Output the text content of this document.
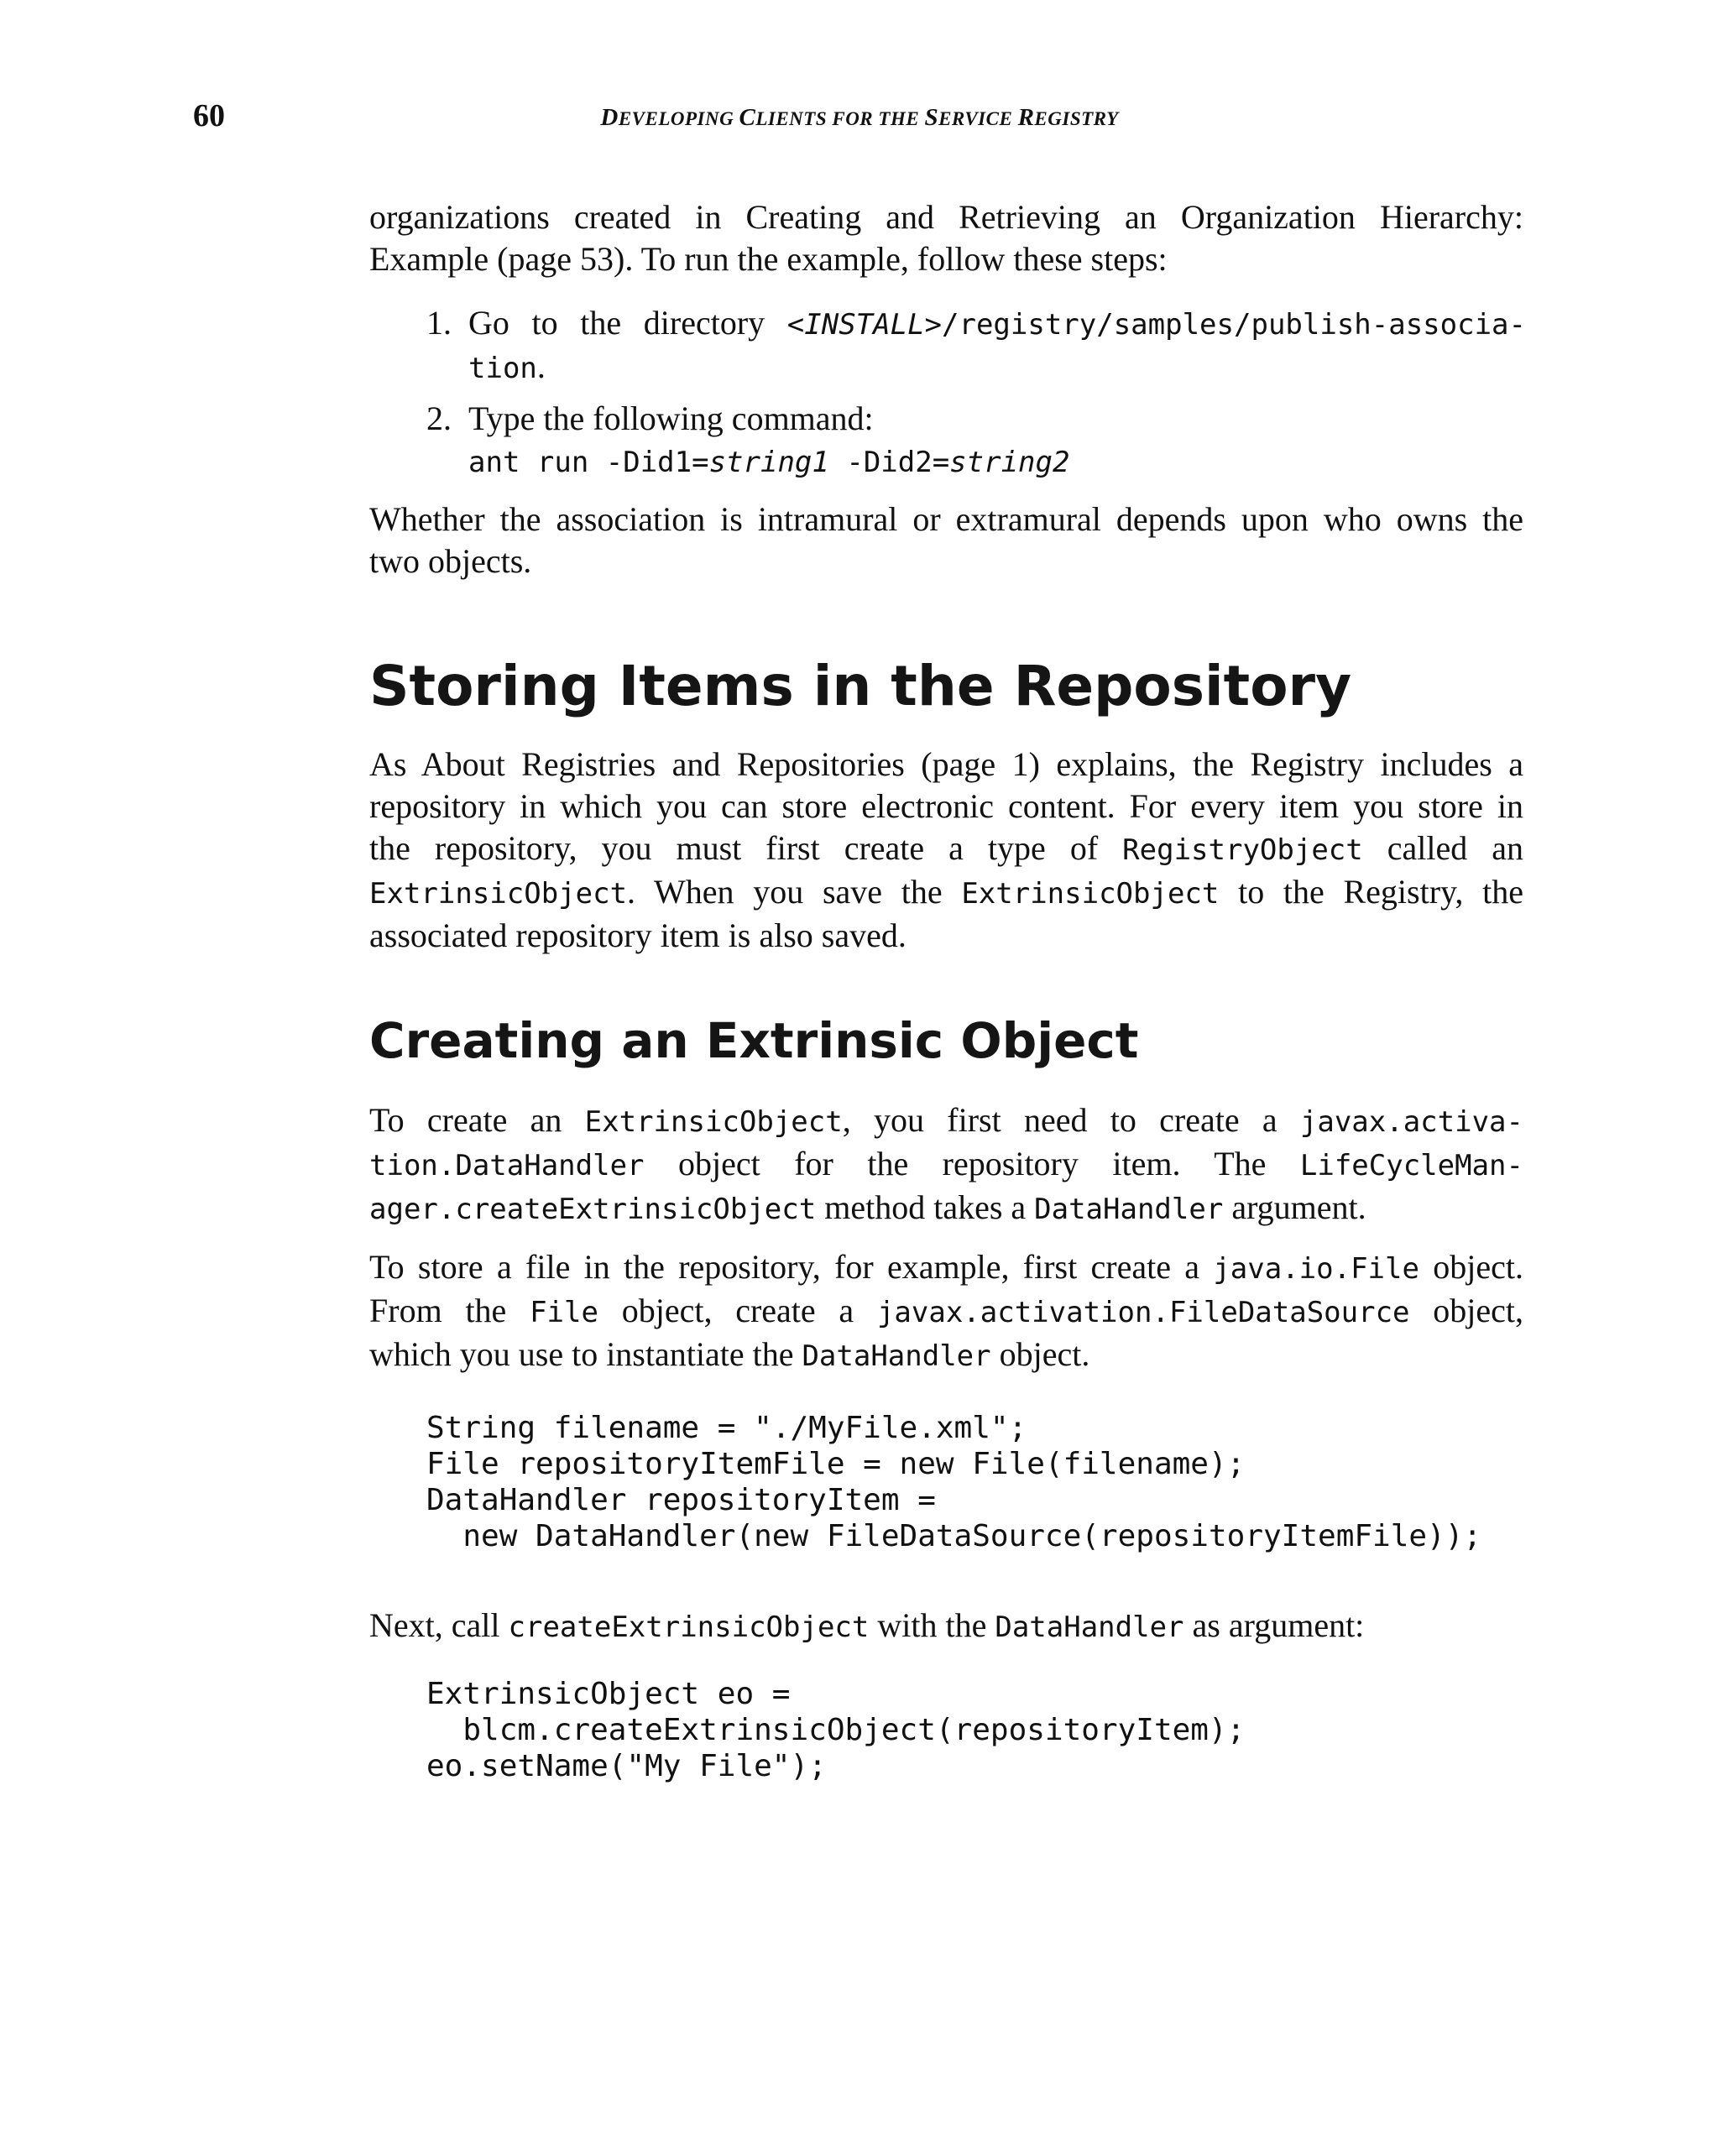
60	DEVELOPING CLIENTS FOR THE SERVICE REGISTRY
organizations created in Creating and Retrieving an Organization Hierarchy:
Example (page 53). To run the example, follow these steps:
1. Go to the directory <INSTALL>/registry/samples/publish-associa-
tion.
2. Type the following command:
ant run -Did1=string1 -Did2=string2
Whether the association is intramural or extramural depends upon who owns the
two objects.
Storing Items in the Repository
As About Registries and Repositories (page 1) explains, the Registry includes a
repository in which you can store electronic content. For every item you store in
the repository, you must first create a type of RegistryObject called an
ExtrinsicObject. When you save the ExtrinsicObject to the Registry, the
associated repository item is also saved.
Creating an Extrinsic Object
To create an ExtrinsicObject, you first need to create a javax.activa-
tion.DataHandler object for the repository item. The LifeCycleMan-
ager.createExtrinsicObject method takes a DataHandler argument.
To store a file in the repository, for example, first create a java.io.File object.
From the File object, create a javax.activation.FileDataSource object,
which you use to instantiate the DataHandler object.
String filename = "./MyFile.xml";
File repositoryItemFile = new File(filename);
DataHandler repositoryItem =
new DataHandler(new FileDataSource(repositoryItemFile));
Next, call createExtrinsicObject with the DataHandler as argument:
ExtrinsicObject eo =
blcm.createExtrinsicObject(repositoryItem);
eo.setName("My File");
